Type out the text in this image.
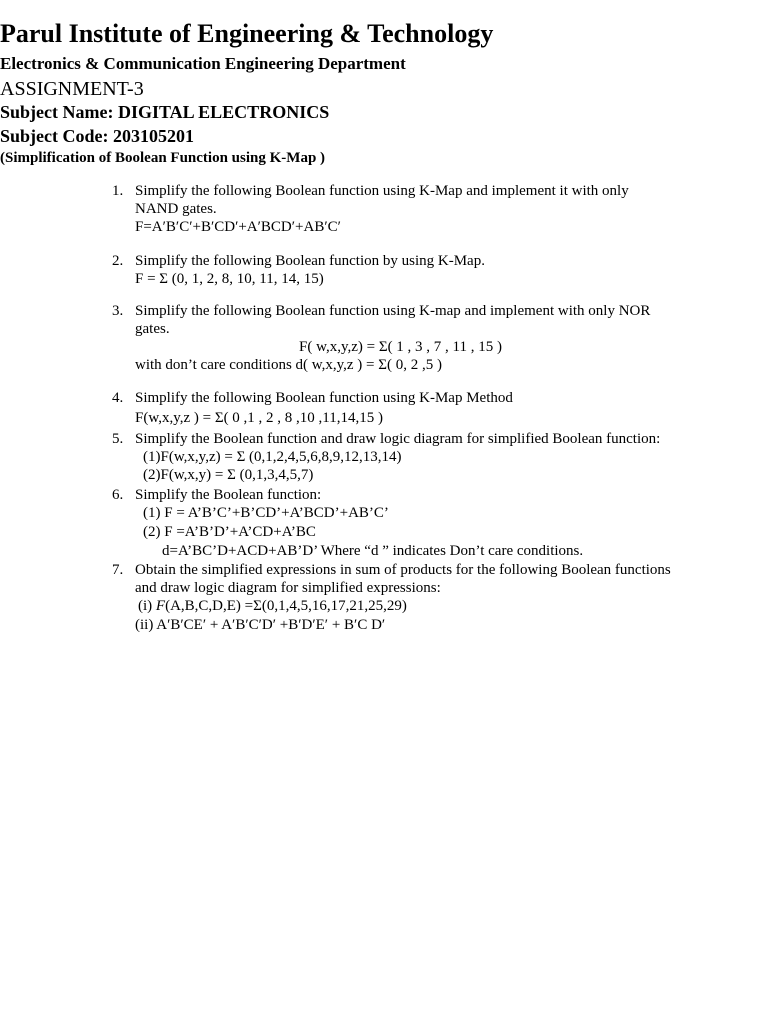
Parul Institute of Engineering & Technology
Electronics & Communication Engineering Department
ASSIGNMENT-3
Subject Name: DIGITAL ELECTRONICS
Subject Code: 203105201
(Simplification of Boolean Function using K-Map )
1. Simplify the following Boolean function using K-Map and implement it with only NAND gates.
F=A′B′C′+B′CD′+A′BCD′+AB′C′
2. Simplify the following Boolean function by using K-Map.
F = Σ (0, 1, 2, 8, 10, 11, 14, 15)
3. Simplify the following Boolean function using K-map and implement with only NOR gates.
F( w,x,y,z) = Σ( 1 , 3 , 7 , 11 , 15 )
with don’t care conditions d( w,x,y,z ) = Σ( 0, 2 ,5 )
4. Simplify the following Boolean function using K-Map Method
F(w,x,y,z ) = Σ( 0 ,1 , 2 , 8 ,10 ,11,14,15 )
5. Simplify the Boolean function and draw logic diagram for simplified Boolean function:
(1)F(w,x,y,z) = Σ (0,1,2,4,5,6,8,9,12,13,14)
(2)F(w,x,y) = Σ (0,1,3,4,5,7)
6. Simplify the Boolean function:
(1) F = A’B’C’+B’CD’+A’BCD’+AB’C’
(2) F =A’B’D’+A’CD+A’BC
d=A’BC’D+ACD+AB’D’ Where “d ” indicates Don’t care conditions.
7. Obtain the simplified expressions in sum of products for the following Boolean functions and draw logic diagram for simplified expressions:
(i) F(A,B,C,D,E) =Σ(0,1,4,5,16,17,21,25,29)
(ii) A′B′CE′ + A′B′C′D′ +B′D′E′ + B′C D′
